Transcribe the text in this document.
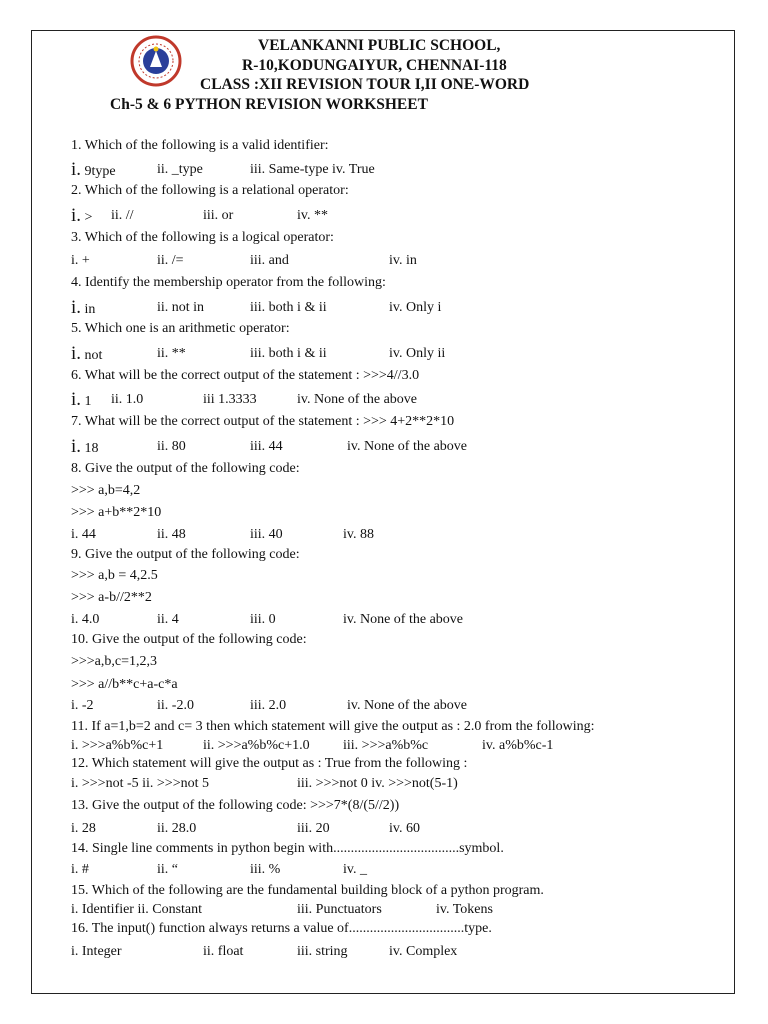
VELANKANNI PUBLIC SCHOOL,
R-10,KODUNGAIYUR, CHENNAI-118
CLASS :XII REVISION TOUR I,II ONE-WORD
Ch-5 & 6 PYTHON REVISION WORKSHEET
1. Which of the following is a valid identifier:
i. 9type	ii. _type	iii. Same-type iv. True
2. Which of the following is a relational operator:
i. > ii. //	iii. or	iv. **
3. Which of the following is a logical operator:
i. +	ii. /=	iii. and	iv. in
4. Identify the membership operator from the following:
i. in	ii. not in	iii. both i & ii	iv. Only i
5. Which one is an arithmetic operator:
i. not	ii. **	iii. both i & ii	iv. Only ii
6. What will be the correct output of the statement : >>>4//3.0
i. 1 ii. 1.0	iii 1.3333	iv. None of the above
7. What will be the correct output of the statement : >>> 4+2**2*10
i. 18	ii. 80	iii. 44	iv. None of the above
8. Give the output of the following code:
>>> a,b=4,2
>>> a+b**2*10
i. 44	ii. 48	iii. 40	iv. 88
9. Give the output of the following code:
>>> a,b = 4,2.5
>>> a-b//2**2
i. 4.0	ii. 4	iii. 0	iv. None of the above
10. Give the output of the following code:
>>>a,b,c=1,2,3
>>> a//b**c+a-c*a
i. -2	ii. -2.0	iii. 2.0	iv. None of the above
11. If a=1,b=2 and c= 3 then which statement will give the output as : 2.0 from the following:
i. >>>a%b%c+1	ii. >>>a%b%c+1.0 iii. >>>a%b%c	iv. a%b%c-1
12. Which statement will give the output as : True from the following :
i. >>>not -5 ii. >>>not 5	iii. >>>not 0 iv. >>>not(5-1)
13. Give the output of the following code: >>>7*(8/(5//2))
i. 28	ii. 28.0	iii. 20	iv. 60
14. Single line comments in python begin with....................................symbol.
i. #	ii. “	iii. %	iv. _
15. Which of the following are the fundamental building block of a python program.
i. Identifier ii. Constant	iii. Punctuators	iv. Tokens
16. The input() function always returns a value of.................................type.
i. Integer	ii. float	iii. string	iv. Complex
